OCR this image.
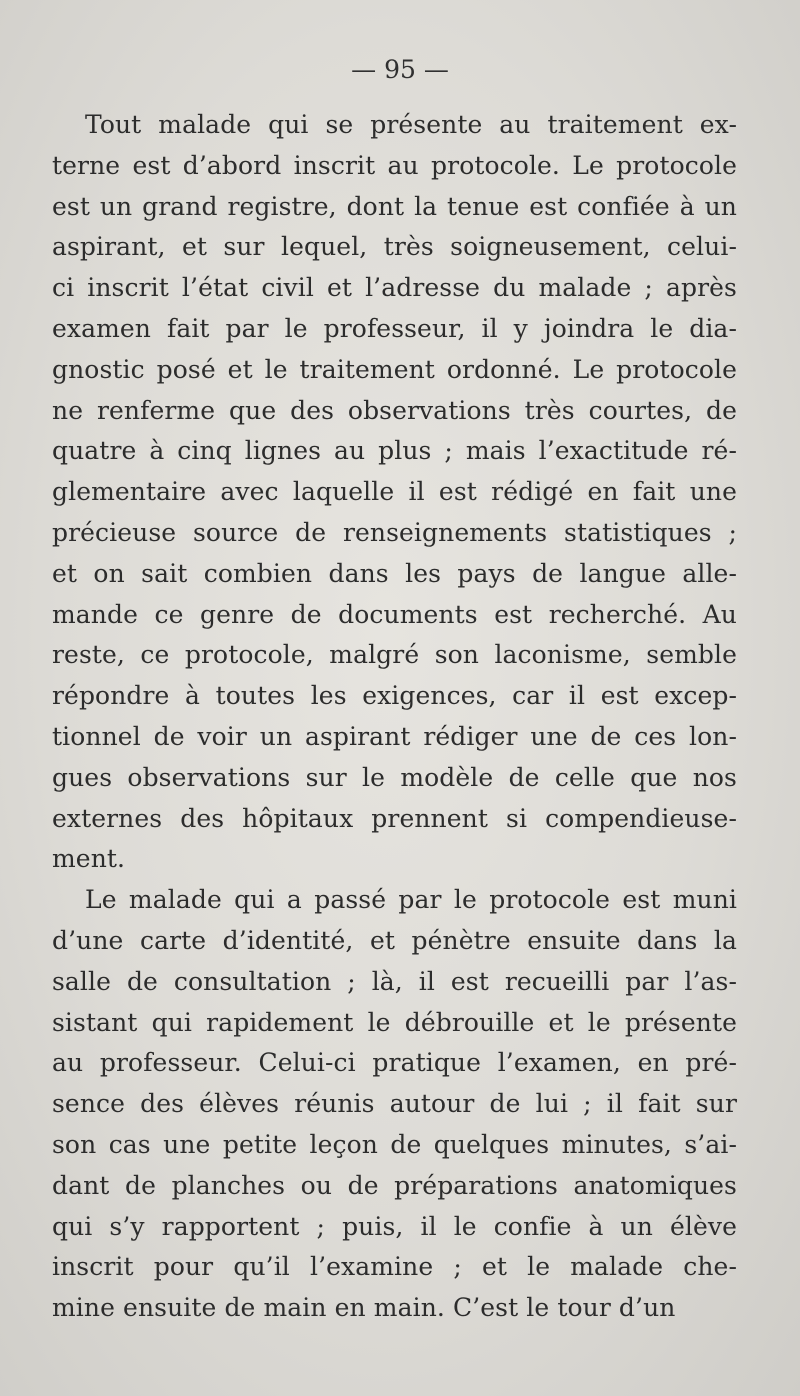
— 95 —
Tout malade qui se présente au traitement ex-
terne est d’abord inscrit au protocole. Le protocole
est un grand registre, dont la tenue est confiée à un
aspirant, et sur lequel, très soigneusement, celui-
ci inscrit l’état civil et l’adresse du malade ; après
examen fait par le professeur, il y joindra le dia-
gnostic posé et le traitement ordonné. Le protocole
ne renferme que des observations très courtes, de
quatre à cinq lignes au plus ; mais l’exactitude ré-
glementaire avec laquelle il est rédigé en fait une
précieuse source de renseignements statistiques ;
et on sait combien dans les pays de langue alle-
mande ce genre de documents est recherché. Au
reste, ce protocole, malgré son laconisme, semble
répondre à toutes les exigences, car il est excep-
tionnel de voir un aspirant rédiger une de ces lon-
gues observations sur le modèle de celle que nos
externes des hôpitaux prennent si compendieuse-
ment.
Le malade qui a passé par le protocole est muni
d’une carte d’identité, et pénètre ensuite dans la
salle de consultation ; là, il est recueilli par l’as-
sistant qui rapidement le débrouille et le présente
au professeur. Celui-ci pratique l’examen, en pré-
sence des élèves réunis autour de lui ; il fait sur
son cas une petite leçon de quelques minutes, s’ai-
dant de planches ou de préparations anatomiques
qui s’y rapportent ; puis, il le confie à un élève
inscrit pour qu’il l’examine ; et le malade che-
mine ensuite de main en main. C’est le tour d’un
